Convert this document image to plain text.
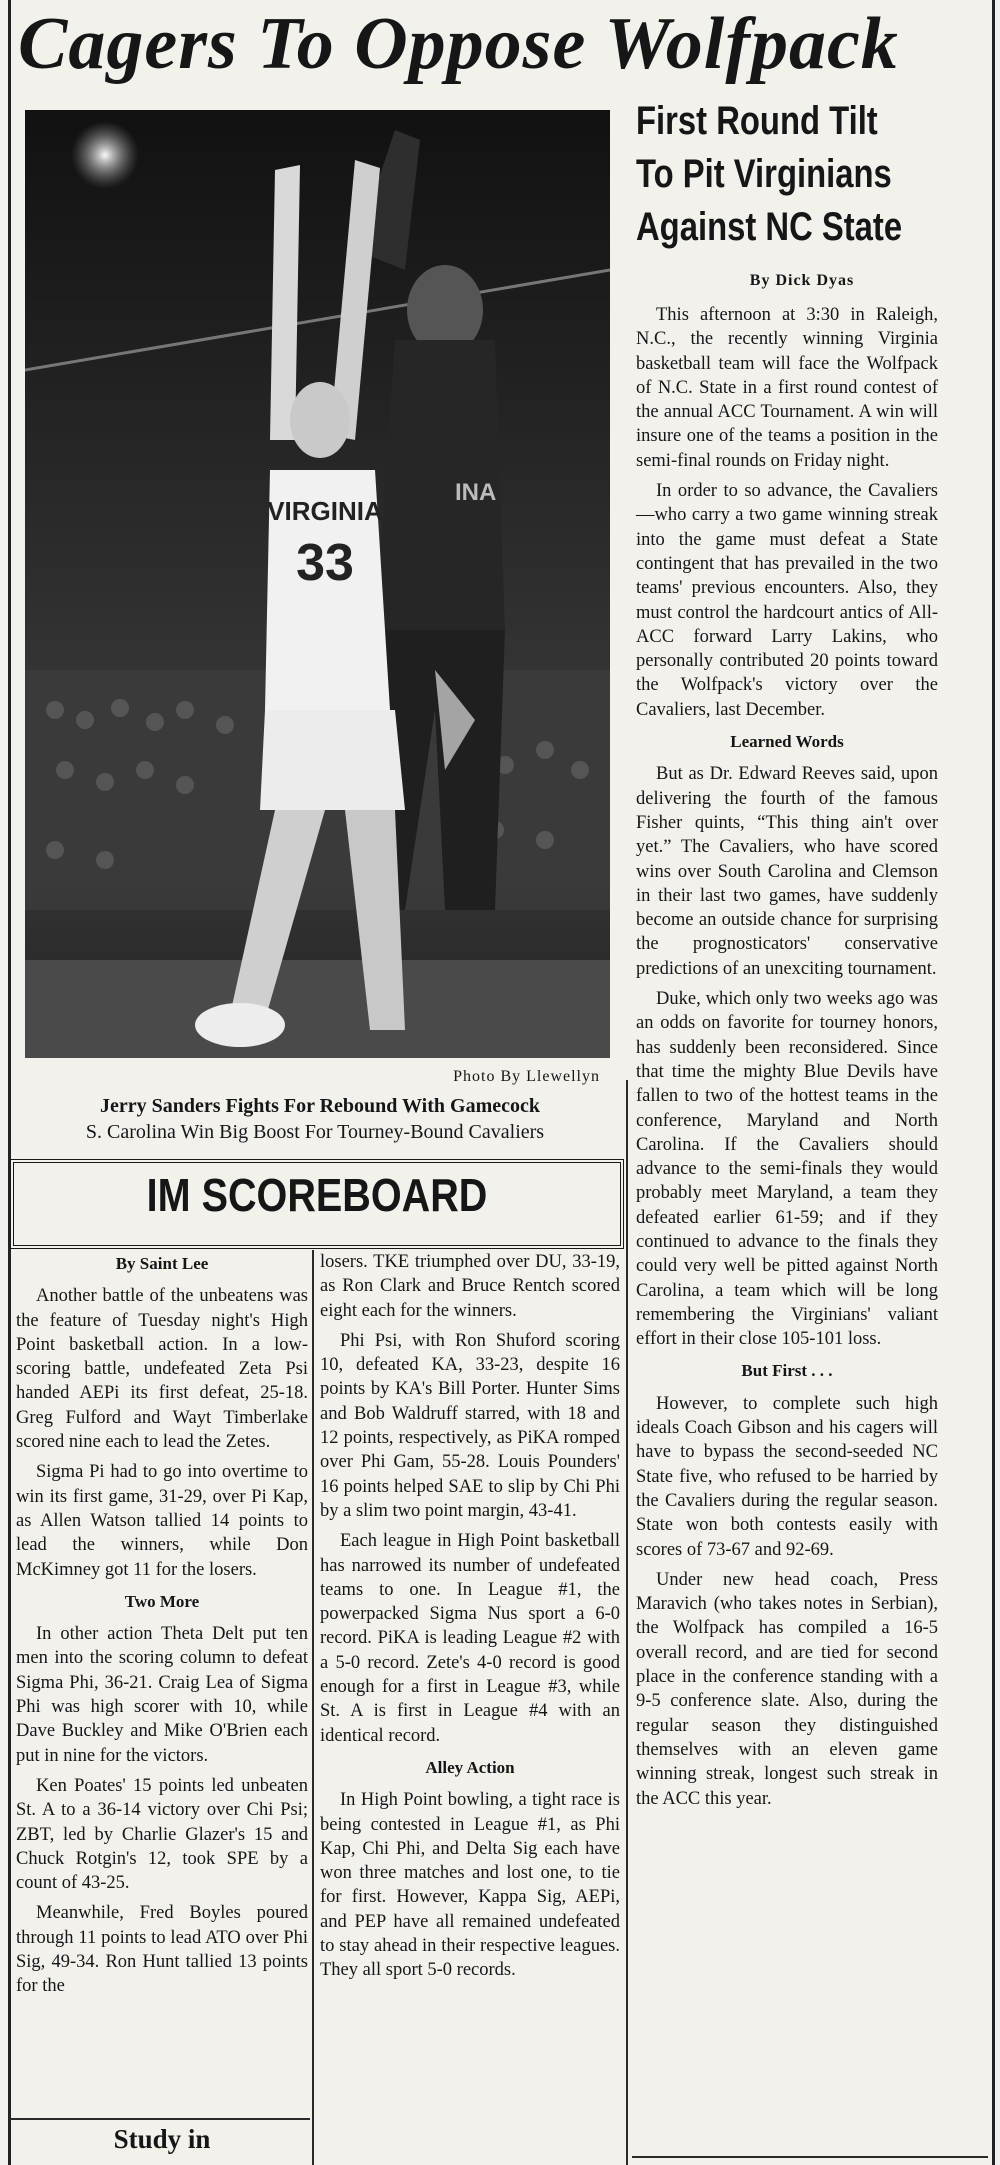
Cagers To Oppose Wolfpack
VIRGINIA
33
INA
Photo By Llewellyn
Jerry Sanders Fights For Rebound With Gamecock
S. Carolina Win Big Boost For Tourney-Bound Cavaliers
First Round Tilt
To Pit Virginians
Against NC State
By Dick Dyas

This afternoon at 3:30 in Raleigh, N.C., the recently winning Virginia basketball team will face the Wolfpack of N.C. State in a first round contest of the annual ACC Tournament. A win will insure one of the teams a position in the semi-final rounds on Friday night.

In order to so advance, the Cavaliers—who carry a two game winning streak into the game must defeat a State contingent that has prevailed in the two teams' previous encounters. Also, they must control the hardcourt antics of All-ACC forward Larry Lakins, who personally contributed 20 points toward the Wolfpack's victory over the Cavaliers, last December.

Learned Words

But as Dr. Edward Reeves said, upon delivering the fourth of the famous Fisher quints, “This thing ain't over yet.” The Cavaliers, who have scored wins over South Carolina and Clemson in their last two games, have suddenly become an outside chance for surprising the prognosticators' conservative predictions of an unexciting tournament.

Duke, which only two weeks ago was an odds on favorite for tourney honors, has suddenly been reconsidered. Since that time the mighty Blue Devils have fallen to two of the hottest teams in the conference, Maryland and North Carolina. If the Cavaliers should advance to the semi-finals they would probably meet Maryland, a team they defeated earlier 61-59; and if they continued to advance to the finals they could very well be pitted against North Carolina, a team which will be long remembering the Virginians' valiant effort in their close 105-101 loss.

But First . . .

However, to complete such high ideals Coach Gibson and his cagers will have to bypass the second-seeded NC State five, who refused to be harried by the Cavaliers during the regular season. State won both contests easily with scores of 73-67 and 92-69.

Under new head coach, Press Maravich (who takes notes in Serbian), the Wolfpack has compiled a 16-5 overall record, and are tied for second place in the conference standing with a 9-5 conference slate. Also, during the regular season they distinguished themselves with an eleven game winning streak, longest such streak in the ACC this year.

IM SCOREBOARD

By Saint Lee

Another battle of the unbeatens was the feature of Tuesday night's High Point basketball action. In a low-scoring battle, undefeated Zeta Psi handed AEPi its first defeat, 25-18. Greg Fulford and Wayt Timberlake scored nine each to lead the Zetes.

Sigma Pi had to go into overtime to win its first game, 31-29, over Pi Kap, as Allen Watson tallied 14 points to lead the winners, while Don McKimney got 11 for the losers.

Two More

In other action Theta Delt put ten men into the scoring column to defeat Sigma Phi, 36-21. Craig Lea of Sigma Phi was high scorer with 10, while Dave Buckley and Mike O'Brien each put in nine for the victors.

Ken Poates' 15 points led unbeaten St. A to a 36-14 victory over Chi Psi; ZBT, led by Charlie Glazer's 15 and Chuck Rotgin's 12, took SPE by a count of 43-25.

Meanwhile, Fred Boyles poured through 11 points to lead ATO over Phi Sig, 49-34. Ron Hunt tallied 13 points for the

losers. TKE triumphed over DU, 33-19, as Ron Clark and Bruce Rentch scored eight each for the winners.

Phi Psi, with Ron Shuford scoring 10, defeated KA, 33-23, despite 16 points by KA's Bill Porter. Hunter Sims and Bob Waldruff starred, with 18 and 12 points, respectively, as PiKA romped over Phi Gam, 55-28. Louis Pounders' 16 points helped SAE to slip by Chi Phi by a slim two point margin, 43-41.

Each league in High Point basketball has narrowed its number of undefeated teams to one. In League #1, the powerpacked Sigma Nus sport a 6-0 record. PiKA is leading League #2 with a 5-0 record. Zete's 4-0 record is good enough for a first in League #3, while St. A is first in League #4 with an identical record.

Alley Action

In High Point bowling, a tight race is being contested in League #1, as Phi Kap, Chi Phi, and Delta Sig each have won three matches and lost one, to tie for first. However, Kappa Sig, AEPi, and PEP have all remained undefeated to stay ahead in their respective leagues. They all sport 5-0 records.

Study in
